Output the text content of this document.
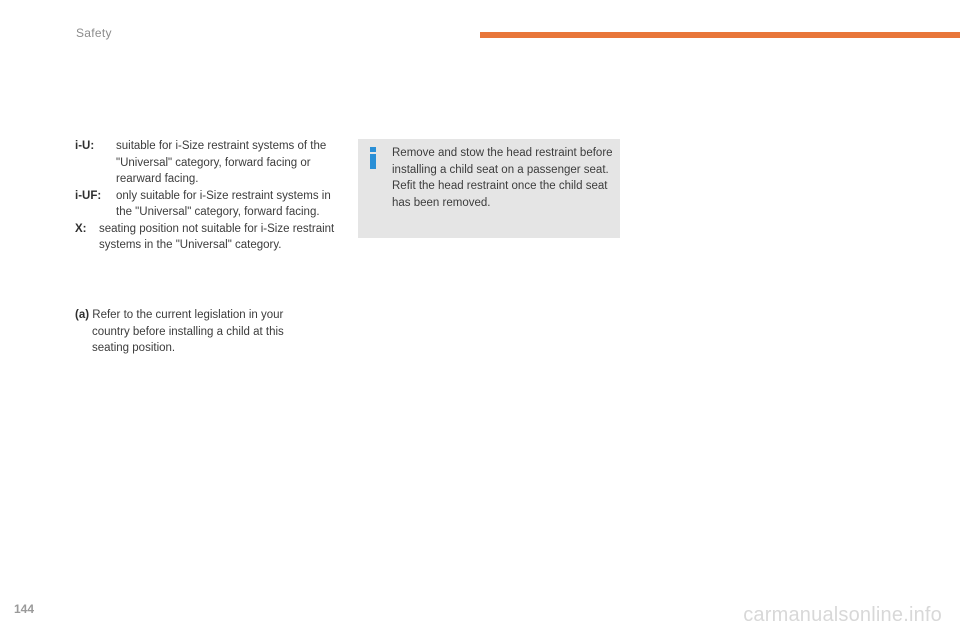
Safety
i-U:	suitable for i-Size restraint systems of the "Universal" category, forward facing or rearward facing.
i-UF:	only suitable for i-Size restraint systems in the "Universal" category, forward facing.
X:	seating position not suitable for i-Size restraint systems in the "Universal" category.
(a) Refer to the current legislation in your country before installing a child at this seating position.
Remove and stow the head restraint before installing a child seat on a passenger seat.
Refit the head restraint once the child seat has been removed.
144	carmanualsonline.info
